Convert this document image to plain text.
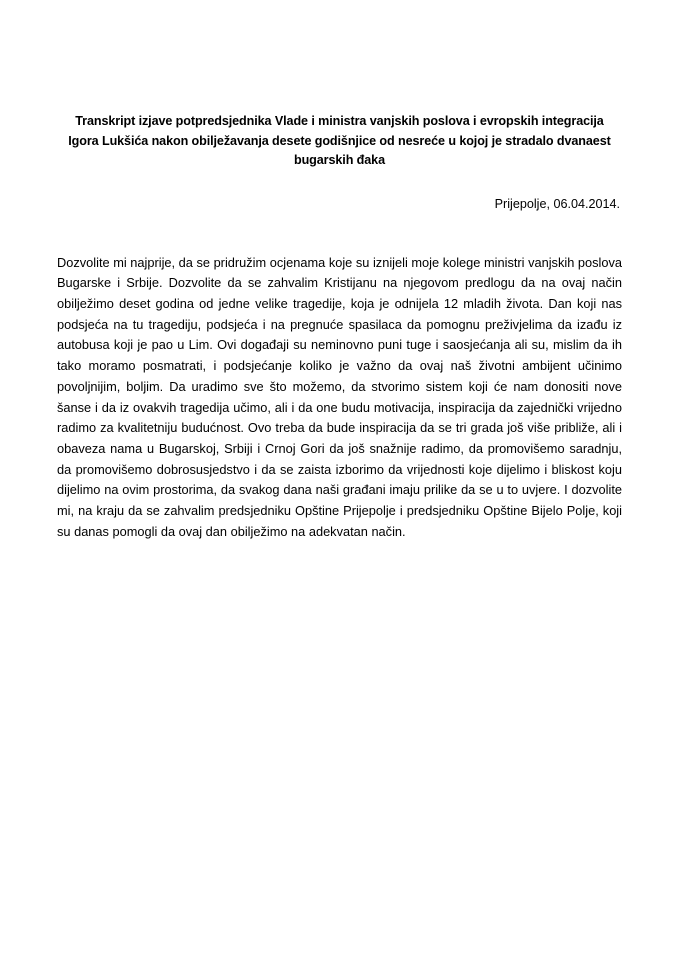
Transkript izjave potpredsjednika Vlade i ministra vanjskih poslova i evropskih integracija Igora Lukšića nakon obilježavanja desete godišnjice od nesreće u kojoj je stradalo dvanaest bugarskih đaka
Prijepolje, 06.04.2014.
Dozvolite mi najprije, da se pridružim ocjenama koje su iznijeli moje kolege ministri vanjskih poslova Bugarske i Srbije. Dozvolite da se zahvalim Kristijanu na njegovom predlogu da na ovaj način obilježimo deset godina od jedne velike tragedije, koja je odnijela 12 mladih života. Dan koji nas podsjeća na tu tragediju, podsjeća i na pregnuće spasilaca da pomognu preživjelima da izađu iz autobusa koji je pao u Lim. Ovi događaji su neminovno puni tuge i saosjećanja ali su, mislim da ih tako moramo posmatrati, i podsjećanje koliko je važno da ovaj naš životni ambijent učinimo povoljnijim, boljim. Da uradimo sve što možemo, da stvorimo sistem koji će nam donositi nove šanse i da iz ovakvih tragedija učimo, ali i da one budu motivacija, inspiracija da zajednički vrijedno radimo za kvalitetniju budućnost. Ovo treba da bude inspiracija da se tri grada još više približe, ali i obaveza nama u Bugarskoj, Srbiji i Crnoj Gori da još snažnije radimo, da promovišemo saradnju, da promovišemo dobrosusjedstvo i da se zaista izborimo da vrijednosti koje dijelimo i bliskost koju dijelimo na ovim prostorima, da svakog dana naši građani imaju prilike da se u to uvjere. I dozvolite mi, na kraju da se zahvalim predsjedniku Opštine Prijepolje i predsjedniku Opštine Bijelo Polje, koji su danas pomogli da ovaj dan obilježimo na adekvatan način.
